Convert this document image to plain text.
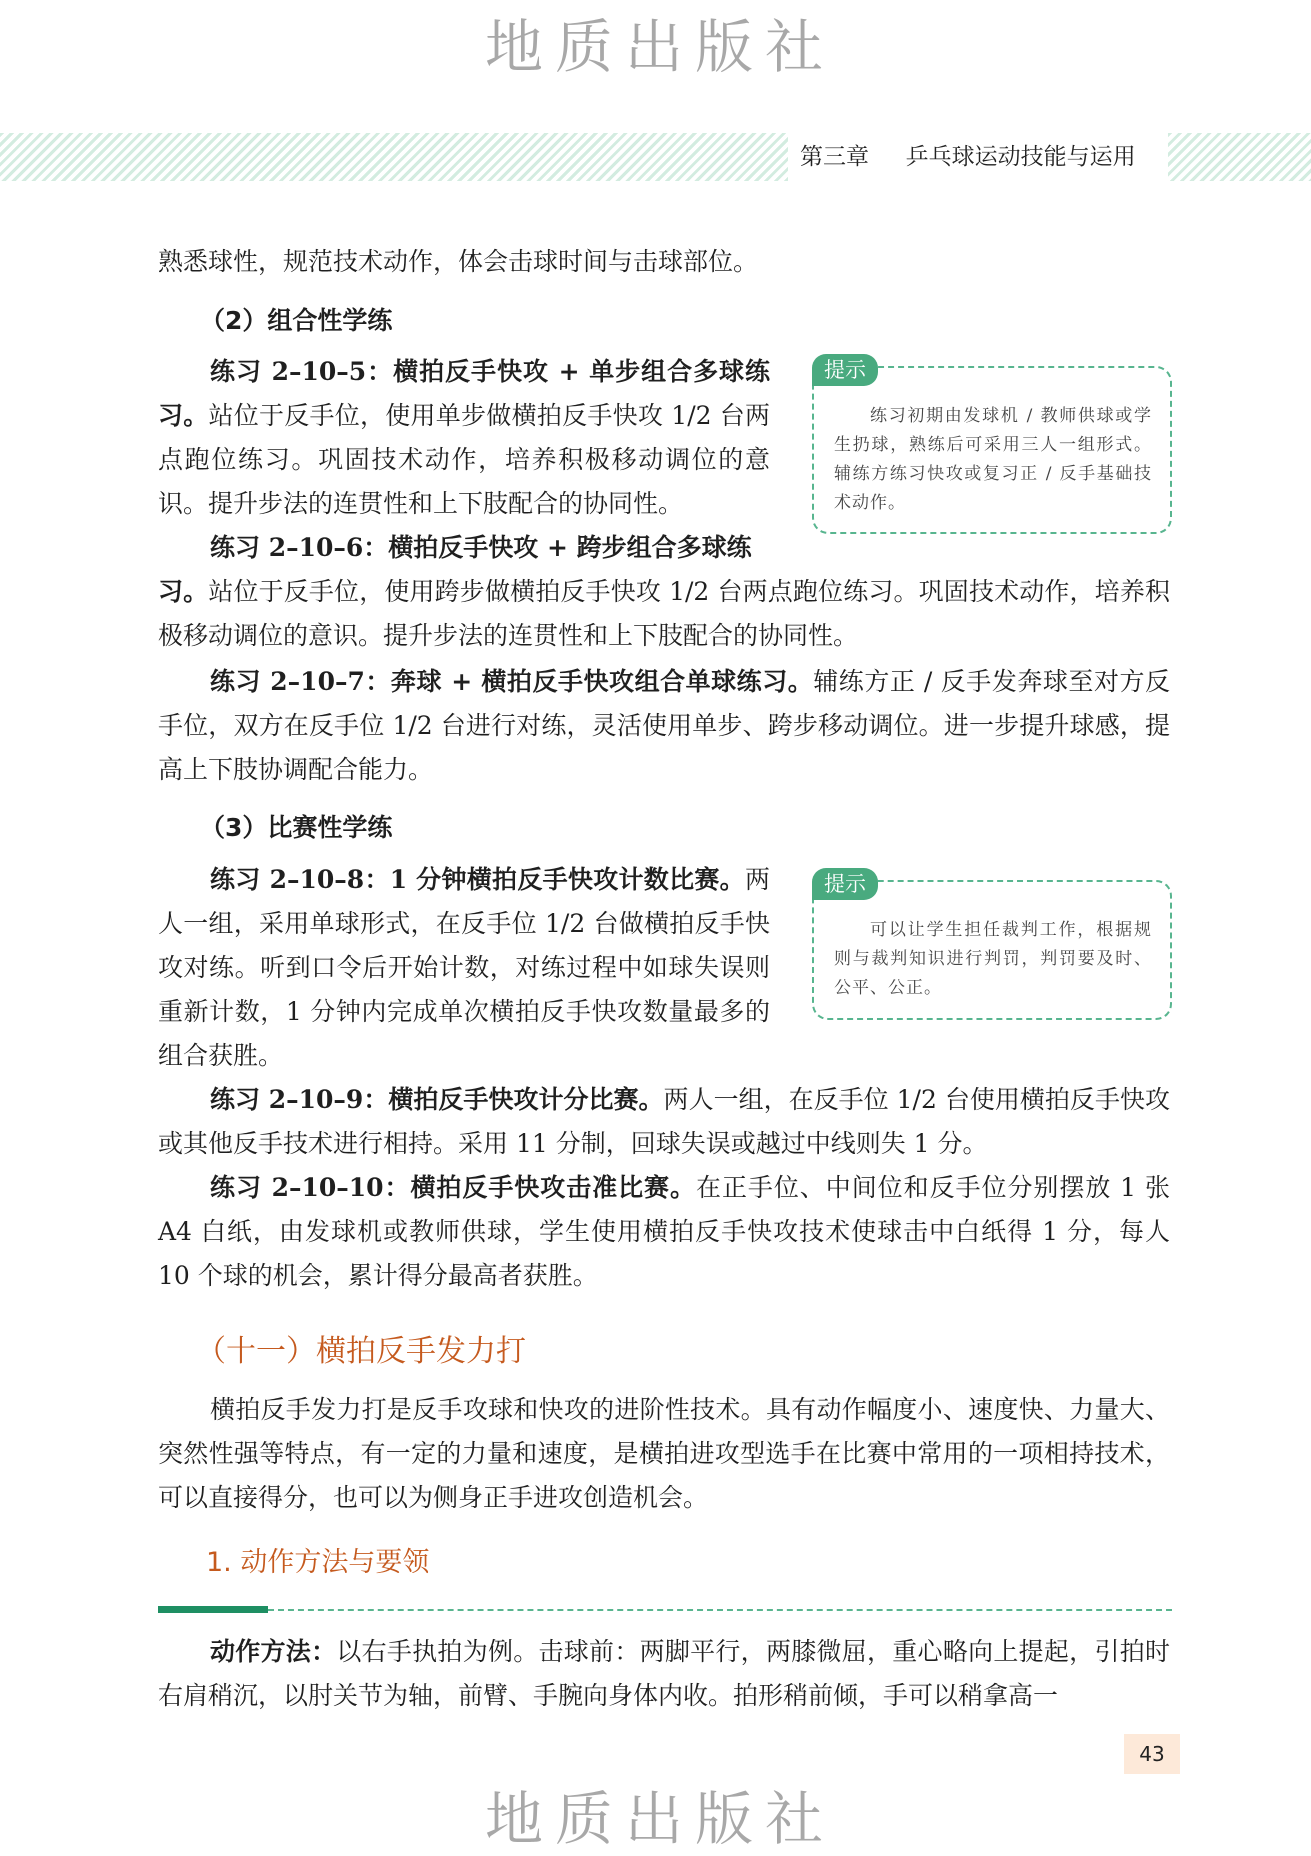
地质出版社
地质出版社
第三章 乒乓球运动技能与运用

熟悉球性，规范技术动作，体会击球时间与击球部位。

（2）组合性学练

练习 2–10–5：横拍反手快攻 + 单步组合多球练习。站位于反手位，使用单步做横拍反手快攻 1/2 台两点跑位练习。巩固技术动作，培养积极移动调位的意识。提升步法的连贯性和上下肢配合的协同性。

练习 2–10–6：横拍反手快攻 + 跨步组合多球练

习。站位于反手位，使用跨步做横拍反手快攻 1/2 台两点跑位练习。巩固技术动作，培养积极移动调位的意识。提升步法的连贯性和上下肢配合的协同性。

练习 2–10–7：奔球 + 横拍反手快攻组合单球练习。辅练方正 / 反手发奔球至对方反手位，双方在反手位 1/2 台进行对练，灵活使用单步、跨步移动调位。进一步提升球感，提高上下肢协调配合能力。

练习初期由发球机 / 教师供球或学生扔球，熟练后可采用三人一组形式。辅练方练习快攻或复习正 / 反手基础技术动作。
提示
（3）比赛性学练

练习 2–10–8：1 分钟横拍反手快攻计数比赛。两人一组，采用单球形式，在反手位 1/2 台做横拍反手快攻对练。听到口令后开始计数，对练过程中如球失误则重新计数，1 分钟内完成单次横拍反手快攻数量最多的组合获胜。

可以让学生担任裁判工作，根据规则与裁判知识进行判罚，判罚要及时、公平、公正。
提示

练习 2–10–9：横拍反手快攻计分比赛。两人一组，在反手位 1/2 台使用横拍反手快攻或其他反手技术进行相持。采用 11 分制，回球失误或越过中线则失 1 分。

练习 2–10–10：横拍反手快攻击准比赛。在正手位、中间位和反手位分别摆放 1 张 A4 白纸，由发球机或教师供球，学生使用横拍反手快攻技术使球击中白纸得 1 分，每人 10 个球的机会，累计得分最高者获胜。

（十一）横拍反手发力打

横拍反手发力打是反手攻球和快攻的进阶性技术。具有动作幅度小、速度快、力量大、突然性强等特点，有一定的力量和速度，是横拍进攻型选手在比赛中常用的一项相持技术，可以直接得分，也可以为侧身正手进攻创造机会。

1. 动作方法与要领

动作方法：以右手执拍为例。击球前：两脚平行，两膝微屈，重心略向上提起，引拍时右肩稍沉，以肘关节为轴，前臂、手腕向身体内收。拍形稍前倾，手可以稍拿高一

43
